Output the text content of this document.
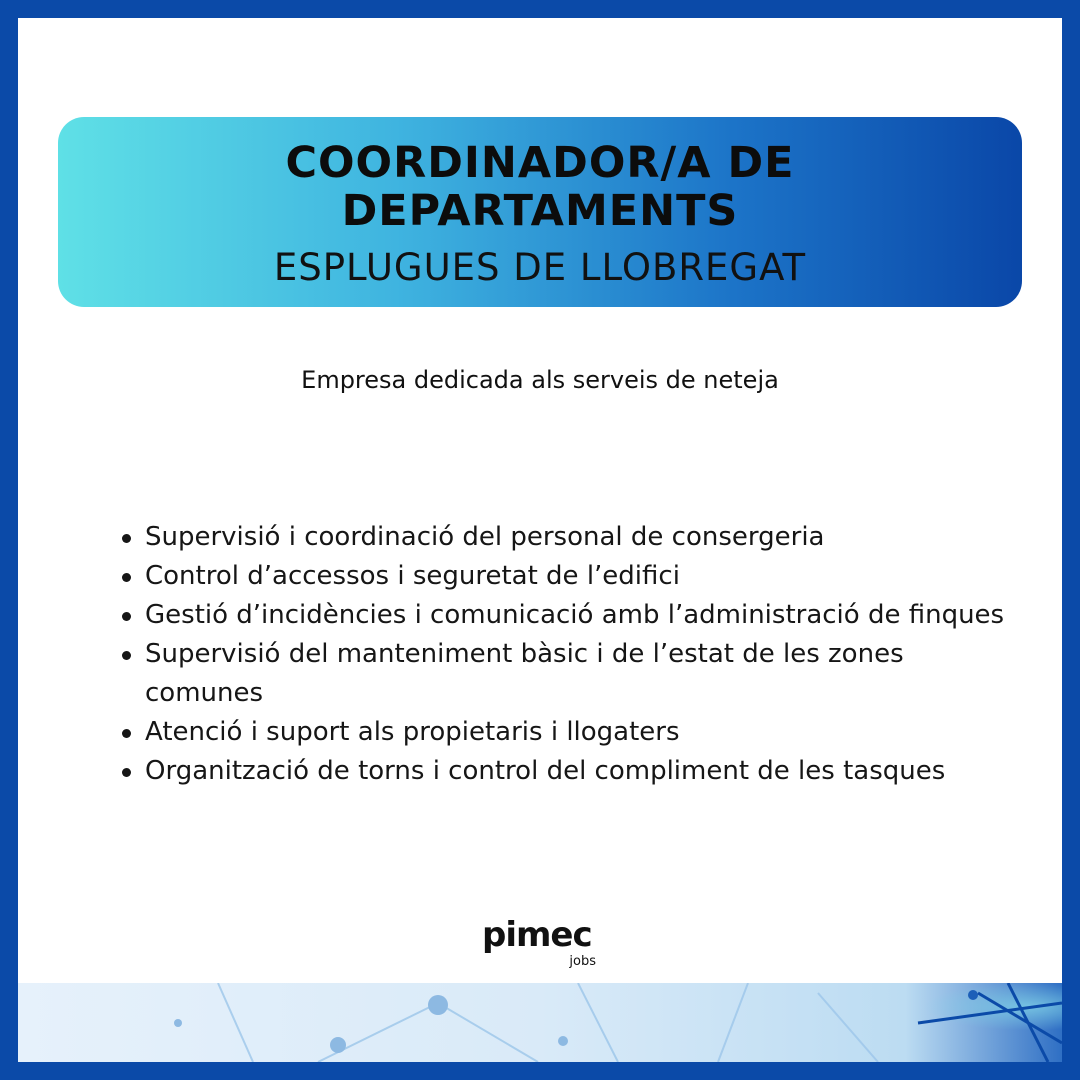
COORDINADOR/A DE
DEPARTAMENTS
ESPLUGUES DE LLOBREGAT
Empresa dedicada als serveis de neteja
Supervisió i coordinació del personal de consergeria
Control d’accessos i seguretat de l’edifici
Gestió d’incidències i comunicació amb l’administració de finques
Supervisió del manteniment bàsic i de l’estat de les zones comunes
Atenció i suport als propietaris i llogaters
Organització de torns i control del compliment de les tasques
pimec
jobs
